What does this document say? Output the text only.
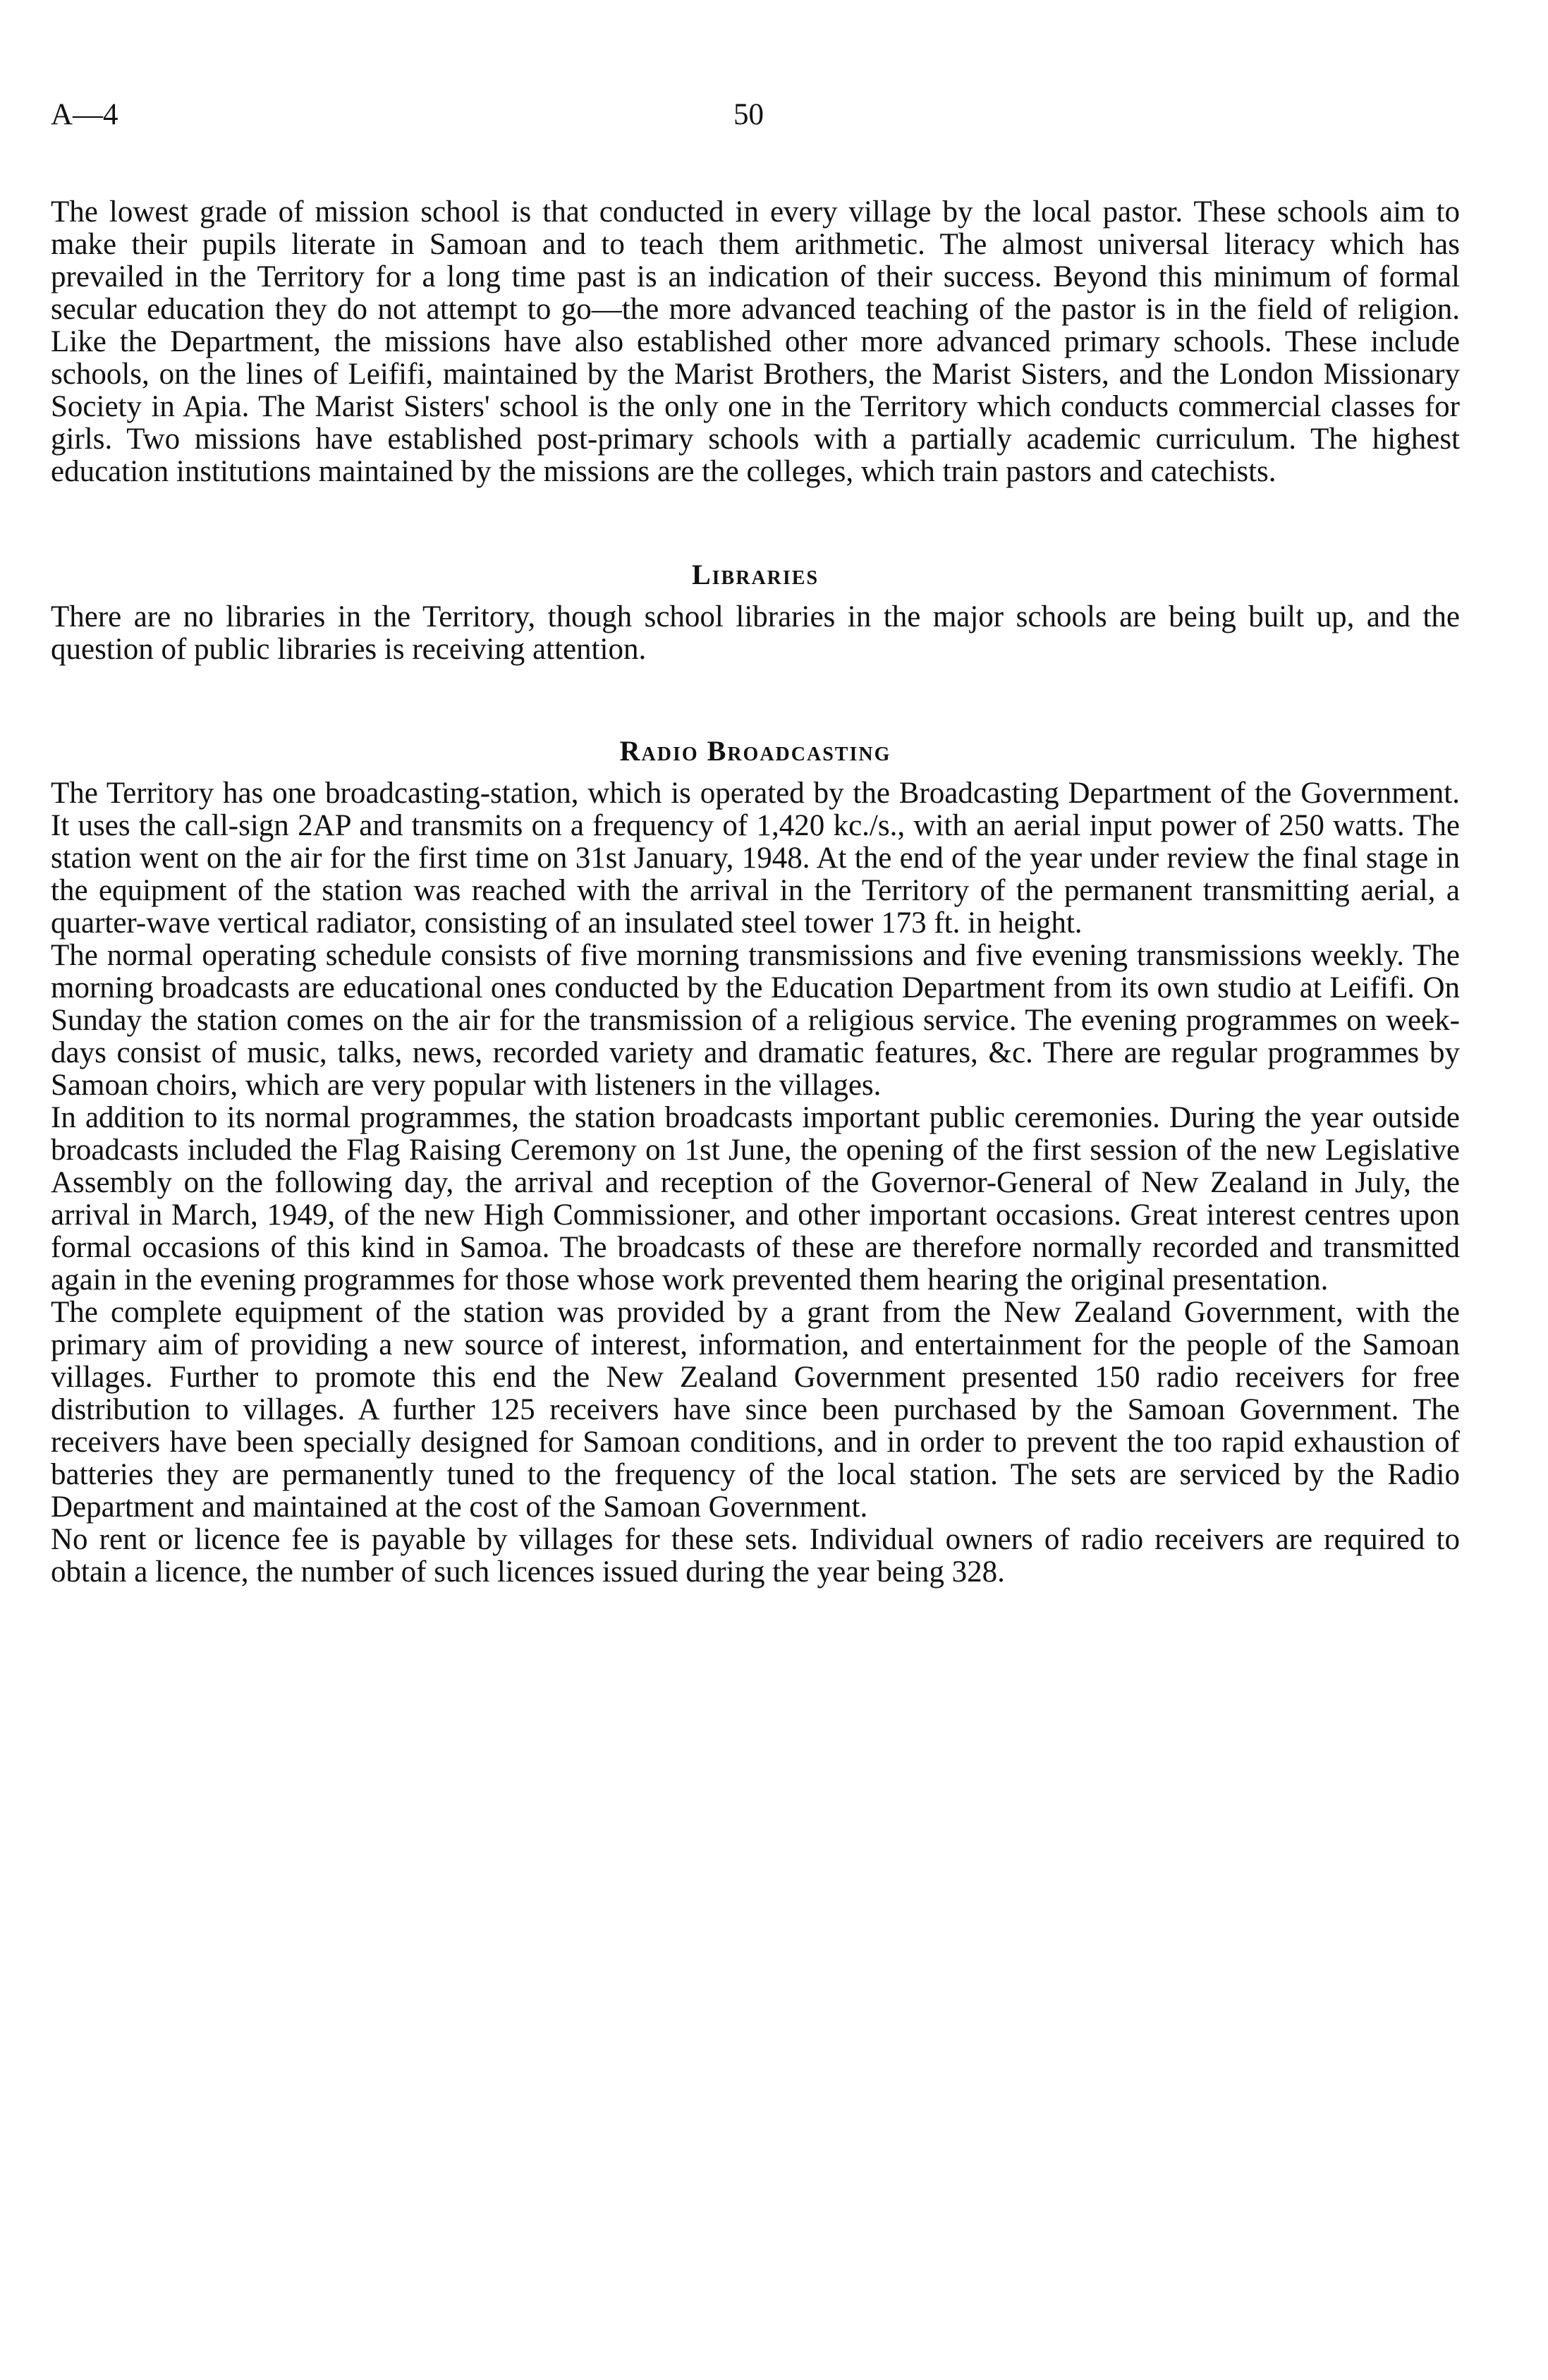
A—4	50

The lowest grade of mission school is that conducted in every village by the local pastor. These schools aim to make their pupils literate in Samoan and to teach them arithmetic. The almost universal literacy which has prevailed in the Territory for a long time past is an indication of their success. Beyond this minimum of formal secular education they do not attempt to go—the more advanced teaching of the pastor is in the field of religion. Like the Department, the missions have also established other more advanced primary schools. These include schools, on the lines of Leififi, maintained by the Marist Brothers, the Marist Sisters, and the London Missionary Society in Apia. The Marist Sisters' school is the only one in the Territory which conducts commercial classes for girls. Two missions have established post-primary schools with a partially academic curriculum. The highest education institutions maintained by the missions are the colleges, which train pastors and catechists.

Libraries

There are no libraries in the Territory, though school libraries in the major schools are being built up, and the question of public libraries is receiving attention.

Radio Broadcasting

The Territory has one broadcasting-station, which is operated by the Broadcasting Department of the Government. It uses the call-sign 2AP and transmits on a frequency of 1,420 kc./s., with an aerial input power of 250 watts. The station went on the air for the first time on 31st January, 1948. At the end of the year under review the final stage in the equipment of the station was reached with the arrival in the Territory of the permanent transmitting aerial, a quarter-wave vertical radiator, consisting of an insulated steel tower 173 ft. in height.

The normal operating schedule consists of five morning transmissions and five evening transmissions weekly. The morning broadcasts are educational ones conducted by the Education Department from its own studio at Leififi. On Sunday the station comes on the air for the transmission of a religious service. The evening programmes on week-days consist of music, talks, news, recorded variety and dramatic features, &c. There are regular programmes by Samoan choirs, which are very popular with listeners in the villages.

In addition to its normal programmes, the station broadcasts important public ceremonies. During the year outside broadcasts included the Flag Raising Ceremony on 1st June, the opening of the first session of the new Legislative Assembly on the following day, the arrival and reception of the Governor-General of New Zealand in July, the arrival in March, 1949, of the new High Commissioner, and other important occasions. Great interest centres upon formal occasions of this kind in Samoa. The broadcasts of these are therefore normally recorded and transmitted again in the evening programmes for those whose work prevented them hearing the original presentation.

The complete equipment of the station was provided by a grant from the New Zealand Government, with the primary aim of providing a new source of interest, information, and entertainment for the people of the Samoan villages. Further to promote this end the New Zealand Government presented 150 radio receivers for free distribution to villages. A further 125 receivers have since been purchased by the Samoan Government. The receivers have been specially designed for Samoan conditions, and in order to prevent the too rapid exhaustion of batteries they are permanently tuned to the frequency of the local station. The sets are serviced by the Radio Department and maintained at the cost of the Samoan Government.

No rent or licence fee is payable by villages for these sets. Individual owners of radio receivers are required to obtain a licence, the number of such licences issued during the year being 328.
